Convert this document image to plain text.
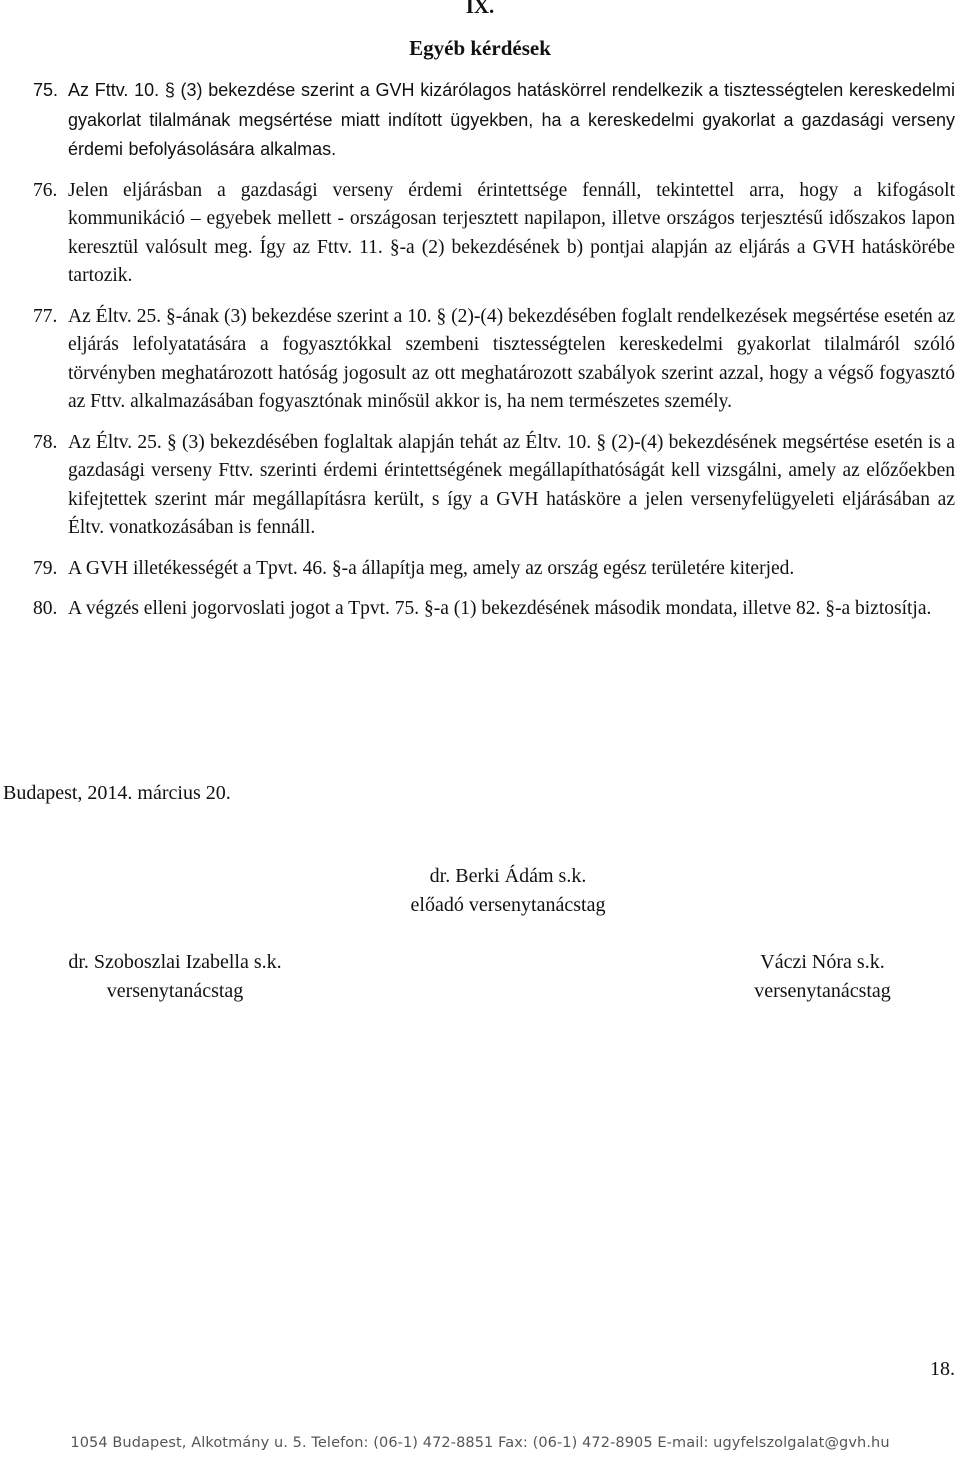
IX.
Egyéb kérdések
75. Az Fttv. 10. § (3) bekezdése szerint a GVH kizárólagos hatáskörrel rendelkezik a tisztességtelen kereskedelmi gyakorlat tilalmának megsértése miatt indított ügyekben, ha a kereskedelmi gyakorlat a gazdasági verseny érdemi befolyásolására alkalmas.
76. Jelen eljárásban a gazdasági verseny érdemi érintettsége fennáll, tekintettel arra, hogy a kifogásolt kommunikáció – egyebek mellett - országosan terjesztett napilapon, illetve országos terjesztésű időszakos lapon keresztül valósult meg. Így az Fttv. 11. §-a (2) bekezdésének b) pontjai alapján az eljárás a GVH hatáskörébe tartozik.
77. Az Éltv. 25. §-ának (3) bekezdése szerint a 10. § (2)-(4) bekezdésében foglalt rendelkezések megsértése esetén az eljárás lefolyatatására a fogyasztókkal szembeni tisztességtelen kereskedelmi gyakorlat tilalmáról szóló törvényben meghatározott hatóság jogosult az ott meghatározott szabályok szerint azzal, hogy a végső fogyasztó az Fttv. alkalmazásában fogyasztónak minősül akkor is, ha nem természetes személy.
78. Az Éltv. 25. § (3) bekezdésében foglaltak alapján tehát az Éltv. 10. § (2)-(4) bekezdésének megsértése esetén is a gazdasági verseny Fttv. szerinti érdemi érintettségének megállapíthatóságát kell vizsgálni, amely az előzőekben kifejtettek szerint már megállapításra került, s így a GVH hatásköre a jelen versenyfelügyeleti eljárásában az Éltv. vonatkozásában is fennáll.
79. A GVH illetékességét a Tpvt. 46. §-a állapítja meg, amely az ország egész területére kiterjed.
80. A végzés elleni jogorvoslati jogot a Tpvt. 75. §-a (1) bekezdésének második mondata, illetve 82. §-a biztosítja.
Budapest, 2014. március 20.
dr. Berki Ádám s.k.
előadó versenytanácstag
dr. Szoboszlai Izabella s.k.
versenytanácstag
Váczi Nóra s.k.
versenytanácstag
18.
1054 Budapest, Alkotmány u. 5. Telefon: (06-1) 472-8851 Fax: (06-1) 472-8905 E-mail: ugyfelszolgalat@gvh.hu
